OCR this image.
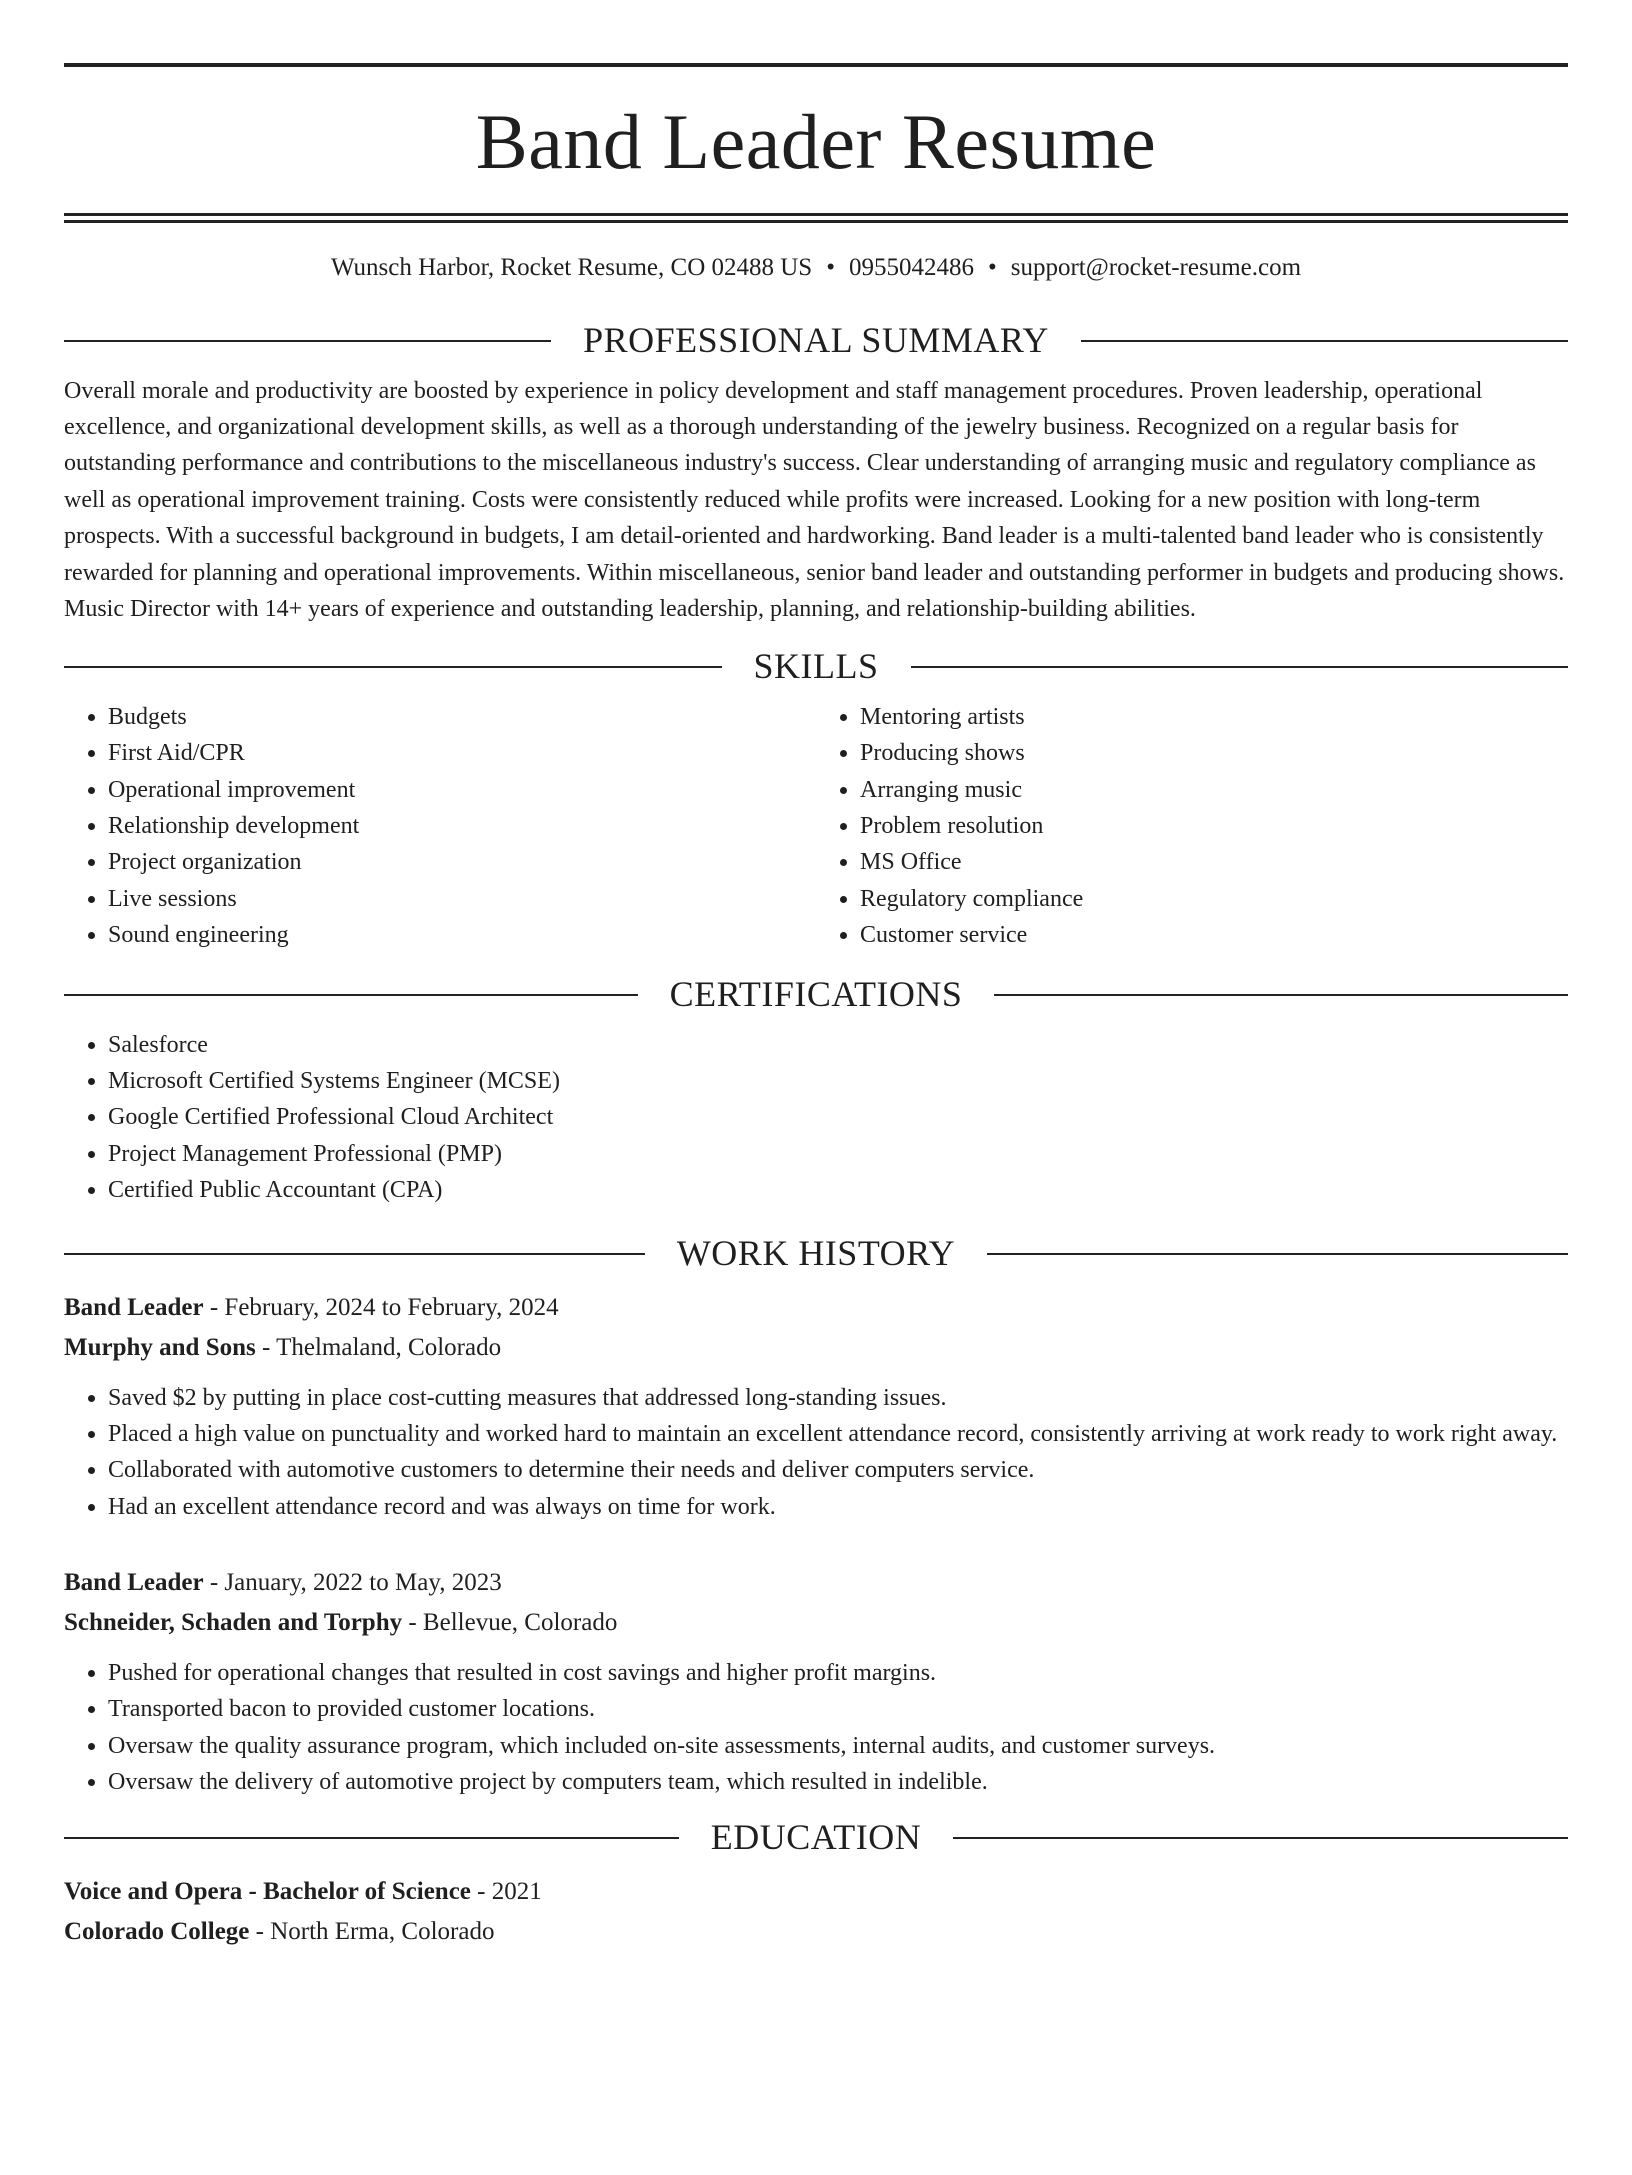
Band Leader Resume
Wunsch Harbor, Rocket Resume, CO 02488 US • 0955042486 • support@rocket-resume.com
PROFESSIONAL SUMMARY

Overall morale and productivity are boosted by experience in policy development and staff management procedures. Proven leadership, operational excellence, and organizational development skills, as well as a thorough understanding of the jewelry business. Recognized on a regular basis for outstanding performance and contributions to the miscellaneous industry's success. Clear understanding of arranging music and regulatory compliance as well as operational improvement training. Costs were consistently reduced while profits were increased. Looking for a new position with long-term prospects. With a successful background in budgets, I am detail-oriented and hardworking. Band leader is a multi-talented band leader who is consistently rewarded for planning and operational improvements. Within miscellaneous, senior band leader and outstanding performer in budgets and producing shows. Music Director with 14+ years of experience and outstanding leadership, planning, and relationship-building abilities.

SKILLS
• Budgets
• First Aid/CPR
• Operational improvement
• Relationship development
• Project organization
• Live sessions
• Sound engineering
• Mentoring artists
• Producing shows
• Arranging music
• Problem resolution
• MS Office
• Regulatory compliance
• Customer service
CERTIFICATIONS
• Salesforce
• Microsoft Certified Systems Engineer (MCSE)
• Google Certified Professional Cloud Architect
• Project Management Professional (PMP)
• Certified Public Accountant (CPA)
WORK HISTORY
Band Leader - February, 2024 to February, 2024
Murphy and Sons - Thelmaland, Colorado
• Saved $2 by putting in place cost-cutting measures that addressed long-standing issues.
• Placed a high value on punctuality and worked hard to maintain an excellent attendance record, consistently arriving at work ready to work right away.
• Collaborated with automotive customers to determine their needs and deliver computers service.
• Had an excellent attendance record and was always on time for work.
Band Leader - January, 2022 to May, 2023
Schneider, Schaden and Torphy - Bellevue, Colorado
• Pushed for operational changes that resulted in cost savings and higher profit margins.
• Transported bacon to provided customer locations.
• Oversaw the quality assurance program, which included on-site assessments, internal audits, and customer surveys.
• Oversaw the delivery of automotive project by computers team, which resulted in indelible.
EDUCATION
Voice and Opera - Bachelor of Science - 2021
Colorado College - North Erma, Colorado
